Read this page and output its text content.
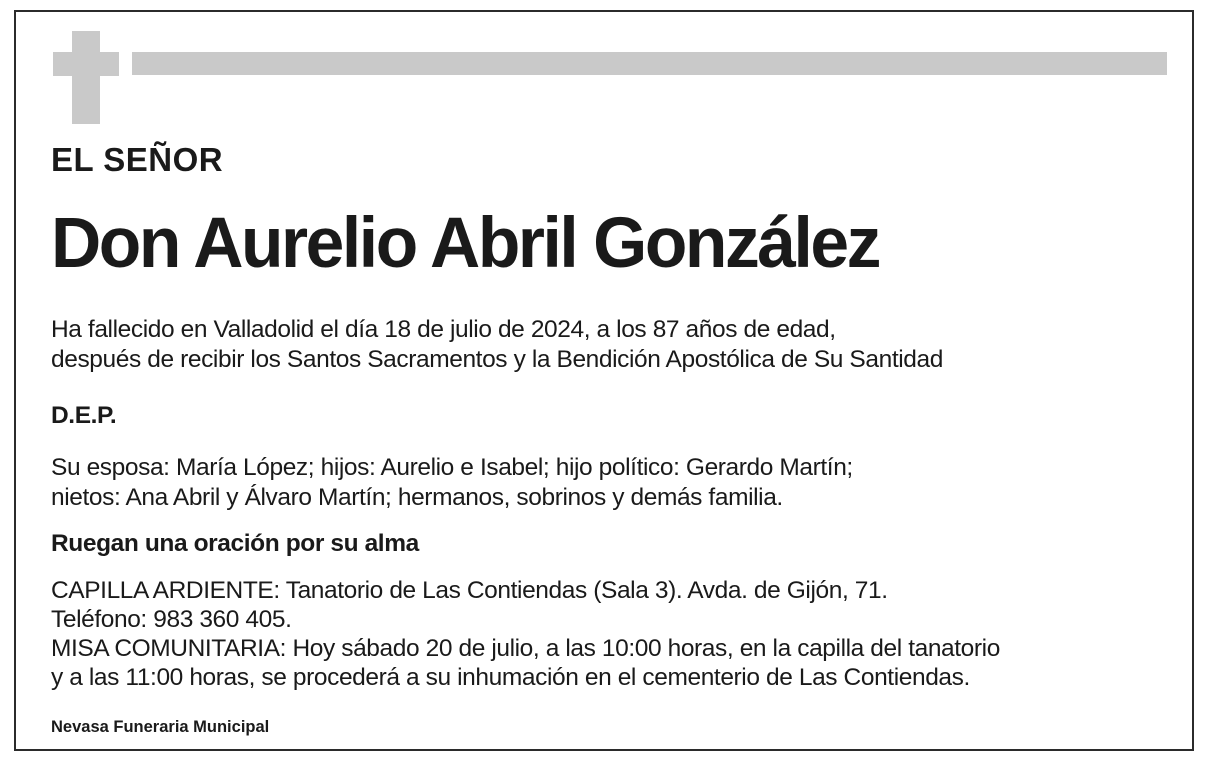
EL SEÑOR

Don Aurelio Abril González

Ha fallecido en Valladolid el día 18 de julio de 2024, a los 87 años de edad,

después de recibir los Santos Sacramentos y la Bendición Apostólica de Su Santidad

D.E.P.

Su esposa: María López; hijos: Aurelio e Isabel; hijo político: Gerardo Martín;

nietos: Ana Abril y Álvaro Martín; hermanos, sobrinos y demás familia.

Ruegan una oración por su alma

CAPILLA ARDIENTE: Tanatorio de Las Contiendas (Sala 3). Avda. de Gijón, 71.

Teléfono: 983 360 405.

MISA COMUNITARIA: Hoy sábado 20 de julio, a las 10:00 horas, en la capilla del tanatorio

y a las 11:00 horas, se procederá a su inhumación en el cementerio de Las Contiendas.

Nevasa Funeraria Municipal
